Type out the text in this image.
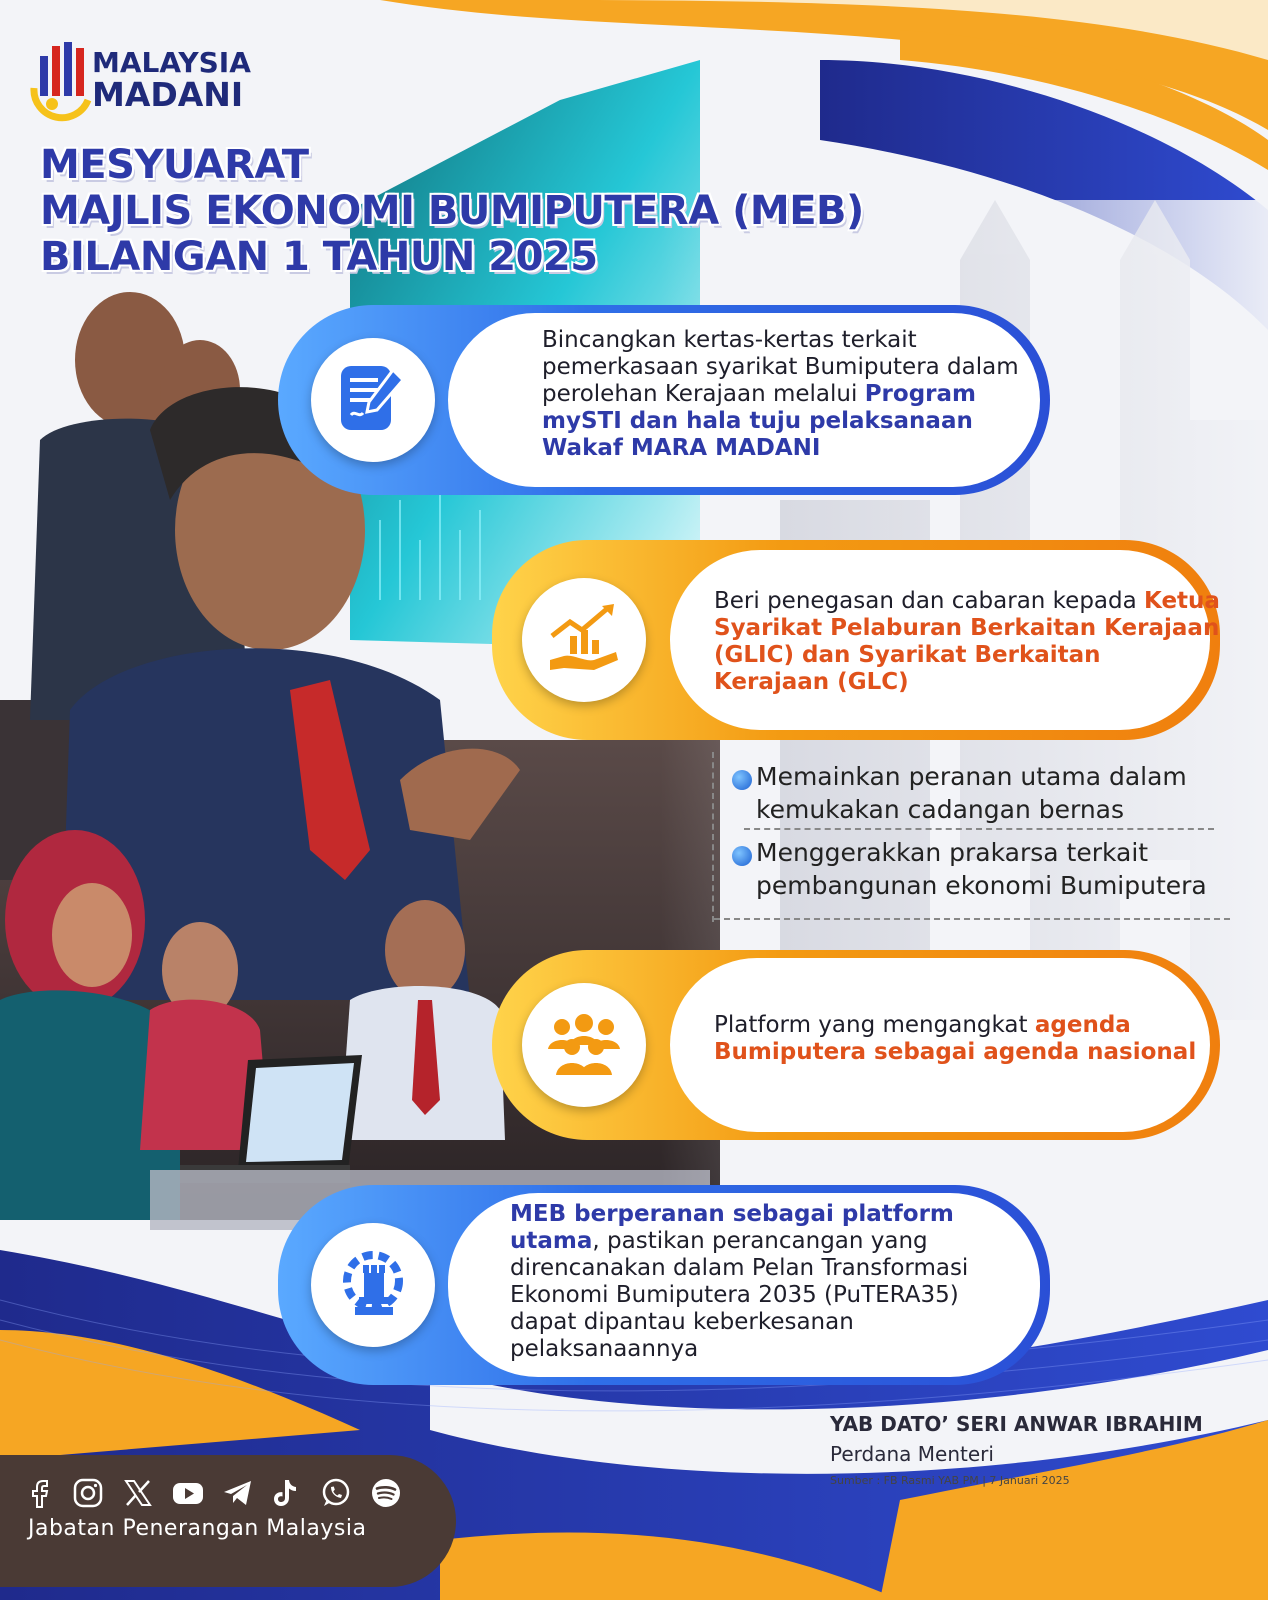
MALAYSIA
MADANI
MESYUARAT
MAJLIS EKONOMI BUMIPUTERA (MEB)
BILANGAN 1 TAHUN 2025
Bincangkan kertas-kertas terkait pemerkasaan syarikat Bumiputera dalam perolehan Kerajaan melalui Program mySTI dan hala tuju pelaksanaan Wakaf MARA MADANI
Beri penegasan dan cabaran kepada Ketua Syarikat Pelaburan Berkaitan Kerajaan (GLIC) dan Syarikat Berkaitan Kerajaan (GLC)
Memainkan peranan utama dalam kemukakan cadangan bernas
Menggerakkan prakarsa terkait pembangunan ekonomi Bumiputera
Platform yang mengangkat agenda Bumiputera sebagai agenda nasional
MEB berperanan sebagai platform utama, pastikan perancangan yang direncanakan dalam Pelan Transformasi Ekonomi Bumiputera 2035 (PuTERA35) dapat dipantau keberkesanan pelaksanaannya
YAB DATO’ SERI ANWAR IBRAHIM
Perdana Menteri
Sumber : FB Rasmi YAB PM | 7 Januari 2025
Jabatan Penerangan Malaysia
